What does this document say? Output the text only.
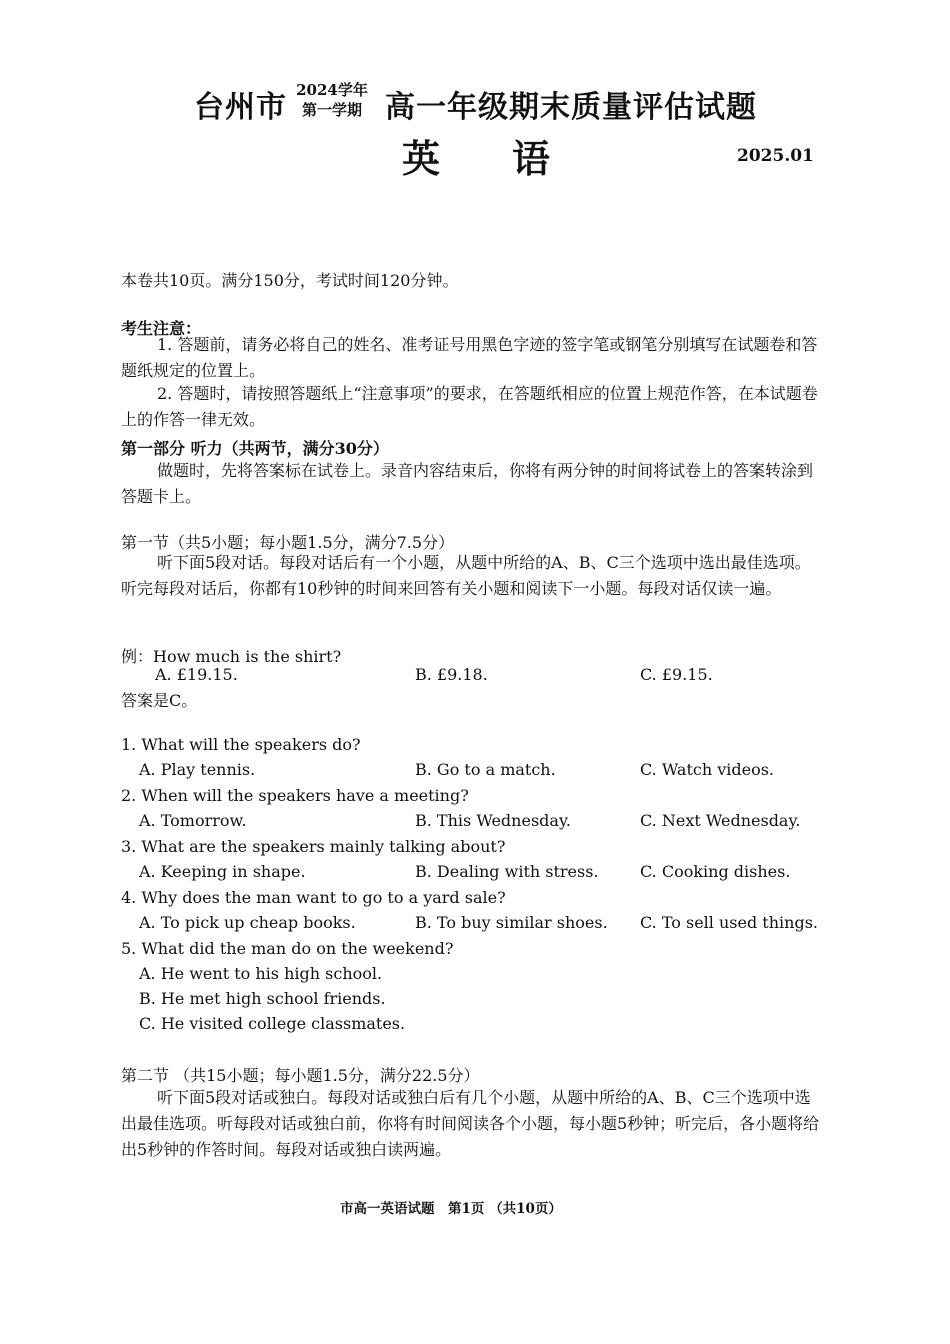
台州市 2024学年
第一学期 高一年级期末质量评估试题
英语	2025.01
本卷共10页。满分150分，考试时间120分钟。
考生注意：
1. 答题前，请务必将自己的姓名、准考证号用黑色字迹的签字笔或钢笔分别填写在试题卷和答题纸规定的位置上。
2. 答题时，请按照答题纸上“注意事项”的要求，在答题纸相应的位置上规范作答，在本试题卷上的作答一律无效。
第一部分 听力（共两节，满分30分）
做题时，先将答案标在试卷上。录音内容结束后，你将有两分钟的时间将试卷上的答案转涂到答题卡上。
第一节（共5小题；每小题1.5分，满分7.5分）
听下面5段对话。每段对话后有一个小题，从题中所给的A、B、C三个选项中选出最佳选项。听完每段对话后，你都有10秒钟的时间来回答有关小题和阅读下一小题。每段对话仅读一遍。
例：How much is the shirt?
A. £19.15.	B. £9.18.	C. £9.15.
答案是C。
1. What will the speakers do?
A. Play tennis.	B. Go to a match.	C. Watch videos.
2. When will the speakers have a meeting?
A. Tomorrow.	B. This Wednesday.	C. Next Wednesday.
3. What are the speakers mainly talking about?
A. Keeping in shape.	B. Dealing with stress.	C. Cooking dishes.
4. Why does the man want to go to a yard sale?
A. To pick up cheap books.	B. To buy similar shoes. C. To sell used things.
5. What did the man do on the weekend?
A. He went to his high school.
B. He met high school friends.
C. He visited college classmates.
第二节 （共15小题；每小题1.5分，满分22.5分）
听下面5段对话或独白。每段对话或独白后有几个小题，从题中所给的A、B、C三个选项中选出最佳选项。听每段对话或独白前，你将有时间阅读各个小题，每小题5秒钟；听完后，各小题将给出5秒钟的作答时间。每段对话或独白读两遍。
市高一英语试题　第1页 （共10页）
